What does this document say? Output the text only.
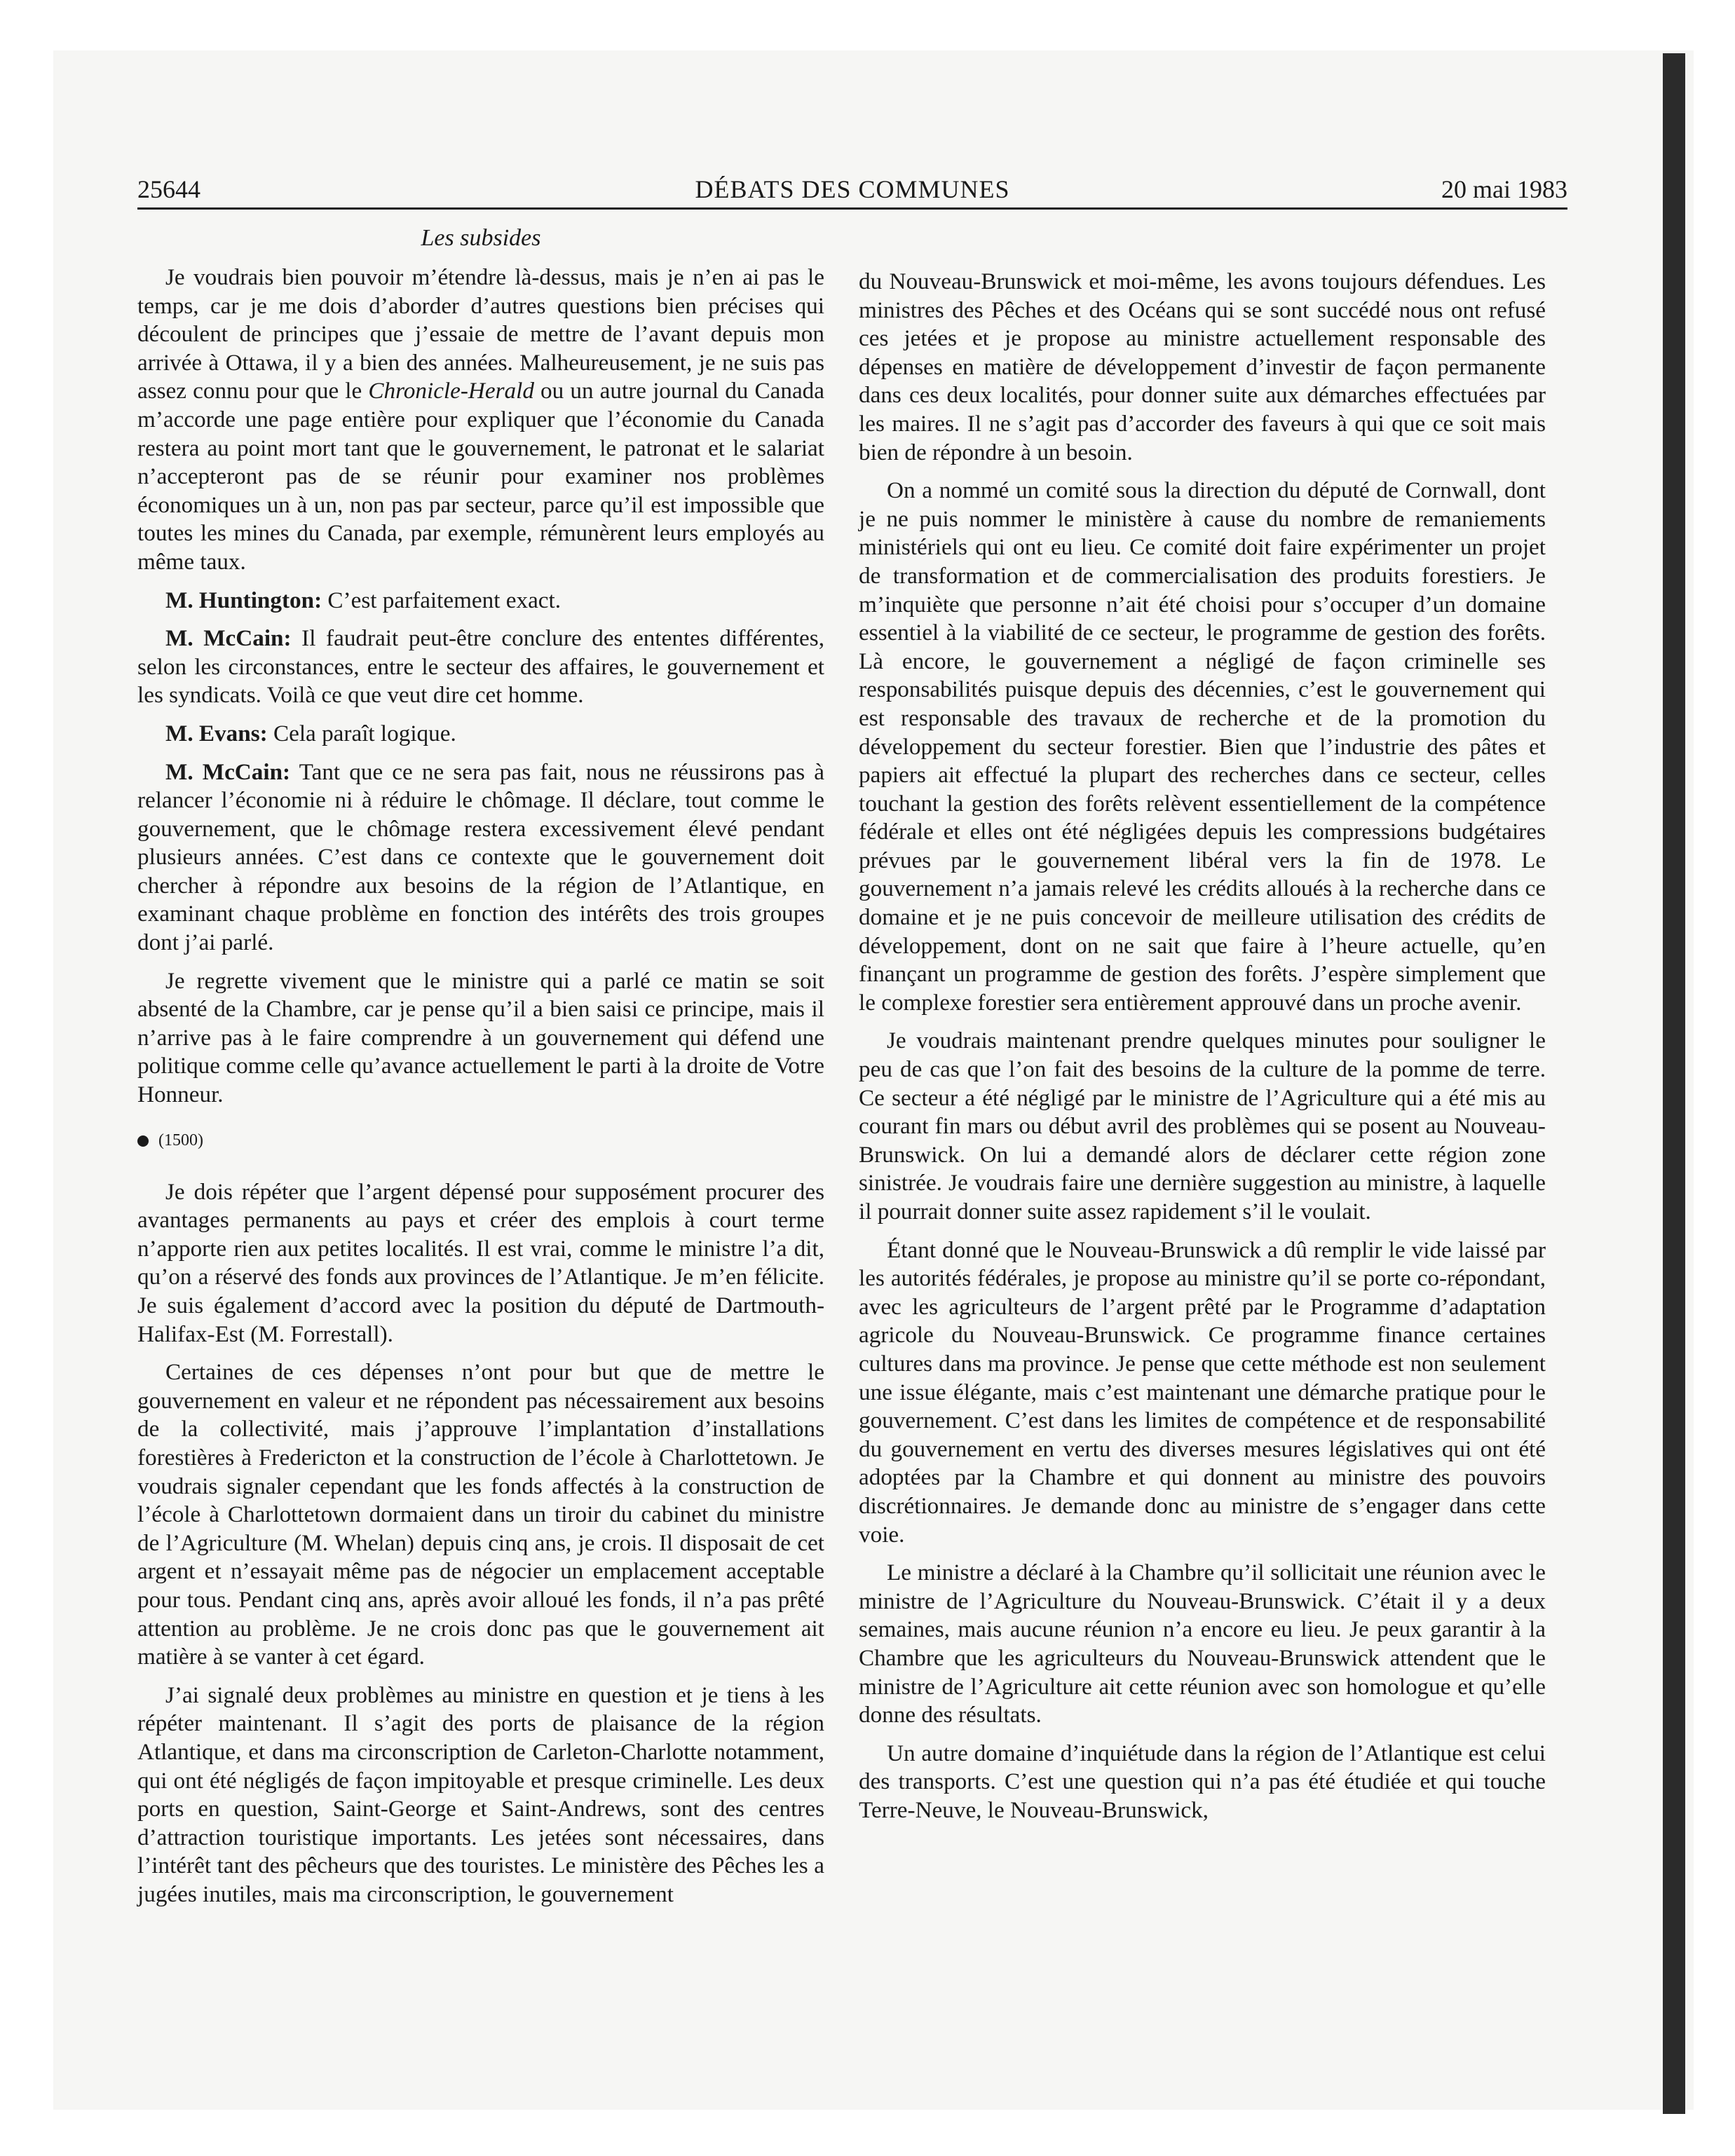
25644	DÉBATS DES COMMUNES	20 mai 1983
Les subsides

Je voudrais bien pouvoir m’étendre là-dessus, mais je n’en ai pas le temps, car je me dois d’aborder d’autres questions bien précises qui découlent de principes que j’essaie de mettre de l’avant depuis mon arrivée à Ottawa, il y a bien des années. Malheureusement, je ne suis pas assez connu pour que le Chronicle-Herald ou un autre journal du Canada m’accorde une page entière pour expliquer que l’économie du Canada restera au point mort tant que le gouvernement, le patronat et le salariat n’accepteront pas de se réunir pour examiner nos problèmes économiques un à un, non pas par secteur, parce qu’il est impossible que toutes les mines du Canada, par exemple, rémunèrent leurs employés au même taux.

M. Huntington: C’est parfaitement exact.

M. McCain: Il faudrait peut-être conclure des ententes différentes, selon les circonstances, entre le secteur des affaires, le gouvernement et les syndicats. Voilà ce que veut dire cet homme.

M. Evans: Cela paraît logique.

M. McCain: Tant que ce ne sera pas fait, nous ne réussirons pas à relancer l’économie ni à réduire le chômage. Il déclare, tout comme le gouvernement, que le chômage restera excessivement élevé pendant plusieurs années. C’est dans ce contexte que le gouvernement doit chercher à répondre aux besoins de la région de l’Atlantique, en examinant chaque problème en fonction des intérêts des trois groupes dont j’ai parlé.

Je regrette vivement que le ministre qui a parlé ce matin se soit absenté de la Chambre, car je pense qu’il a bien saisi ce principe, mais il n’arrive pas à le faire comprendre à un gouvernement qui défend une politique comme celle qu’avance actuellement le parti à la droite de Votre Honneur.

(1500)

Je dois répéter que l’argent dépensé pour supposément procurer des avantages permanents au pays et créer des emplois à court terme n’apporte rien aux petites localités. Il est vrai, comme le ministre l’a dit, qu’on a réservé des fonds aux provinces de l’Atlantique. Je m’en félicite. Je suis également d’accord avec la position du député de Dartmouth-Halifax-Est (M. Forrestall).

Certaines de ces dépenses n’ont pour but que de mettre le gouvernement en valeur et ne répondent pas nécessairement aux besoins de la collectivité, mais j’approuve l’implantation d’installations forestières à Fredericton et la construction de l’école à Charlottetown. Je voudrais signaler cependant que les fonds affectés à la construction de l’école à Charlottetown dormaient dans un tiroir du cabinet du ministre de l’Agriculture (M. Whelan) depuis cinq ans, je crois. Il disposait de cet argent et n’essayait même pas de négocier un emplacement acceptable pour tous. Pendant cinq ans, après avoir alloué les fonds, il n’a pas prêté attention au problème. Je ne crois donc pas que le gouvernement ait matière à se vanter à cet égard.

J’ai signalé deux problèmes au ministre en question et je tiens à les répéter maintenant. Il s’agit des ports de plaisance de la région Atlantique, et dans ma circonscription de Carleton-Charlotte notamment, qui ont été négligés de façon impitoyable et presque criminelle. Les deux ports en question, Saint-George et Saint-Andrews, sont des centres d’attraction touristique importants. Les jetées sont nécessaires, dans l’intérêt tant des pêcheurs que des touristes. Le ministère des Pêches les a jugées inutiles, mais ma circonscription, le gouvernement

du Nouveau-Brunswick et moi-même, les avons toujours défendues. Les ministres des Pêches et des Océans qui se sont succédé nous ont refusé ces jetées et je propose au ministre actuellement responsable des dépenses en matière de développement d’investir de façon permanente dans ces deux localités, pour donner suite aux démarches effectuées par les maires. Il ne s’agit pas d’accorder des faveurs à qui que ce soit mais bien de répondre à un besoin.

On a nommé un comité sous la direction du député de Cornwall, dont je ne puis nommer le ministère à cause du nombre de remaniements ministériels qui ont eu lieu. Ce comité doit faire expérimenter un projet de transformation et de commercialisation des produits forestiers. Je m’inquiète que personne n’ait été choisi pour s’occuper d’un domaine essentiel à la viabilité de ce secteur, le programme de gestion des forêts. Là encore, le gouvernement a négligé de façon criminelle ses responsabilités puisque depuis des décennies, c’est le gouvernement qui est responsable des travaux de recherche et de la promotion du développement du secteur forestier. Bien que l’industrie des pâtes et papiers ait effectué la plupart des recherches dans ce secteur, celles touchant la gestion des forêts relèvent essentiellement de la compétence fédérale et elles ont été négligées depuis les compressions budgétaires prévues par le gouvernement libéral vers la fin de 1978. Le gouvernement n’a jamais relevé les crédits alloués à la recherche dans ce domaine et je ne puis concevoir de meilleure utilisation des crédits de développement, dont on ne sait que faire à l’heure actuelle, qu’en finançant un programme de gestion des forêts. J’espère simplement que le complexe forestier sera entièrement approuvé dans un proche avenir.

Je voudrais maintenant prendre quelques minutes pour souligner le peu de cas que l’on fait des besoins de la culture de la pomme de terre. Ce secteur a été négligé par le ministre de l’Agriculture qui a été mis au courant fin mars ou début avril des problèmes qui se posent au Nouveau-Brunswick. On lui a demandé alors de déclarer cette région zone sinistrée. Je voudrais faire une dernière suggestion au ministre, à laquelle il pourrait donner suite assez rapidement s’il le voulait.

Étant donné que le Nouveau-Brunswick a dû remplir le vide laissé par les autorités fédérales, je propose au ministre qu’il se porte co-répondant, avec les agriculteurs de l’argent prêté par le Programme d’adaptation agricole du Nouveau-Brunswick. Ce programme finance certaines cultures dans ma province. Je pense que cette méthode est non seulement une issue élégante, mais c’est maintenant une démarche pratique pour le gouvernement. C’est dans les limites de compétence et de responsabilité du gouvernement en vertu des diverses mesures législatives qui ont été adoptées par la Chambre et qui donnent au ministre des pouvoirs discrétionnaires. Je demande donc au ministre de s’engager dans cette voie.

Le ministre a déclaré à la Chambre qu’il sollicitait une réunion avec le ministre de l’Agriculture du Nouveau-Brunswick. C’était il y a deux semaines, mais aucune réunion n’a encore eu lieu. Je peux garantir à la Chambre que les agriculteurs du Nouveau-Brunswick attendent que le ministre de l’Agriculture ait cette réunion avec son homologue et qu’elle donne des résultats.

Un autre domaine d’inquiétude dans la région de l’Atlantique est celui des transports. C’est une question qui n’a pas été étudiée et qui touche Terre-Neuve, le Nouveau-Brunswick,
